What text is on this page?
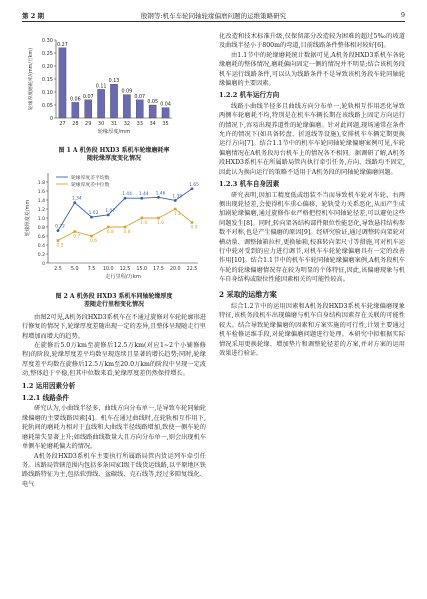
第 2 期	殷钢等:机车车轮同轴轮缘偏磨问题的运维策略研究	9
0
0.05
0.10
0.15
0.20
0.25
0.30
0.27
27
0.06
28
0.07
29
0.11
30
0.13
31
0.09
32
0.07
33
0.05
34
0.04
35
轮缘厚度/mm
轮缘厚度磨耗率/(mm/万km)
图 1 A 机务段 HXD3 系机车轮缘磨耗率
随轮缘厚度变化情况
0
0.2
0.4
0.6
0.8
1.0
1.2
1.4
1.6
1.8
2.5 5.0 7.5 10.0 12.5 15.0 17.5 20.0 22.5
0.72
1.34
1.02 1.07
1.44 1.44 1.46
1.39
1.65
0.5
0.7
0.6
0.8 0.8
1.0 1.0
1.2
0.9
轮缘厚度差平均数
轮缘厚度差中位数
走行里程/万km
轮缘厚度差/mm
图 2 A 机务段 HXD3 系机车同轴轮缘厚度
差随走行里程变化情况

由图2可见,A机务段HXD3系机车在不通过旋修对车轮轮廓形进行修复的情况下,轮缘厚度差随出现一定的差异,且整体呈现随走行里程增加而增大的趋势。

在旋修后5.0万km至旋修后12.5万km(对应1~2个小辅修修程)的阶段,轮缘厚度差平均数呈现连续且显著的增长趋势;同时,轮缘厚度差平均数在旋修后12.5万km至20.0万km的阶段中呈现一定波动,整体趋于平稳,但其中位数来看,轮缘厚度差仍然保持增长。

1.2 运用因素分析
1.2.1 线路条件

研究认为,小曲线半径多、曲线方向分布单一,是导致车轮同轴轮缘偏磨的主要线路因素[4]。机车在通过曲线时,在轮轨相互作用下,轮轨间的磨耗力相对于直线和大曲线半径线路增加,致使一侧车轮的磨耗量失显著上升;如线路曲线数量大且方向分布单一,则会出现机车单侧车轮磨耗偏大的情况。

A机务段HXD3系机车主要执行所属路局管内货运列车牵引任务。该路局管辖范围内包括多条国家Ⅰ级干线货运线路,以平原地区铁路线路特征为主,包括软弹线、盆碳线、克石线等,经过多隙复线化、电气

化改造和技术标准升级,仅保留部分改造较为困难的超过5‰的坡道及曲线半径小于800m的弯道,目前线路条件整体相对较好[6]。

由1.1节中的轮缘磨耗统计数据可见,A机务段HXD3系机车各轮缘磨耗的整体情况,磨耗偏向固定一侧的情况并不明显;结合该机务段机车运行线路条件,可以认为线路条件不是导致该机务段车轮同轴轮缘偏磨的主要因素。

1.2.2 机车运行方向

线路小曲线半径多且曲线方向分布单一,轮轨相互作用恶化导致两侧车轮磨耗不均,特别是在机车车辆长期在该线路上固定方向运行的情况下,容易出现养道性的轮缘偏磨。针对此问题,现场通常在条件允许的情况下(如具备转盘、折返线等设施),安排机车车辆定期更换运行方向[7]。结合1.1节中的机车车轮同轴轮缘偏磨案例可见,车轮偏磨情况在A机务段每台机车上的情况各不相同。据调研了解,A机务段HXD3系机车在所属路局管内执行牵引任务,方向、线路均不固定,因此认为换向运行的策略不适用于A机务段的同轴轮缘偏磨问题。

1.2.3 机车自身因素

研究表明,因加工精度低或组装不当而导致机车轮对车轮、右两侧出现轮径差,会使得机车重心偏移、轮轨受力关系恶化,从而产生成加剧轮缘偏磨,通过旋修作业严格把控机车同轴轮径差,可以避免这些问题发生[8]。同时,转向架各结构部件限位性能恶化,导致悬挂结构参数不对称,也是产生偏磨的原因[9]。经研究验证,通过调整转向架轮对横动量、调整轴箱拉杆,更换轴箱,校准转向架尺寸等措施,可对机车运行中轮对受到的应力进行调节,对机车车轮轮缘偏磨具有一定的改善作用[10]。结合1.1节中的机车车轮同轴轮缘偏磨案例,A机务段机车车轮的轮缘偏磨情况存在较为明显的个体特征,因此,该偏磨现象与机车自身结构或限位性能因素相关的可能性较高。

2 采取的运维方案

综合1.2节中的运用因素和A机务段HXD3系机车轮缘偏磨现象特征,该机务段机车出现偏磨与机车自身结构因素存在关联的可能性较大。结合导致轮缘偏磨的因素和方案实施的可行性,计划主要通过机车检修运维手段,对轮缘偏磨问题进行处理。本研究中拟根据实际情况采用更换轮缘、增加垫片和调整轮径差的方案,并对方案的运用效果进行验证。
